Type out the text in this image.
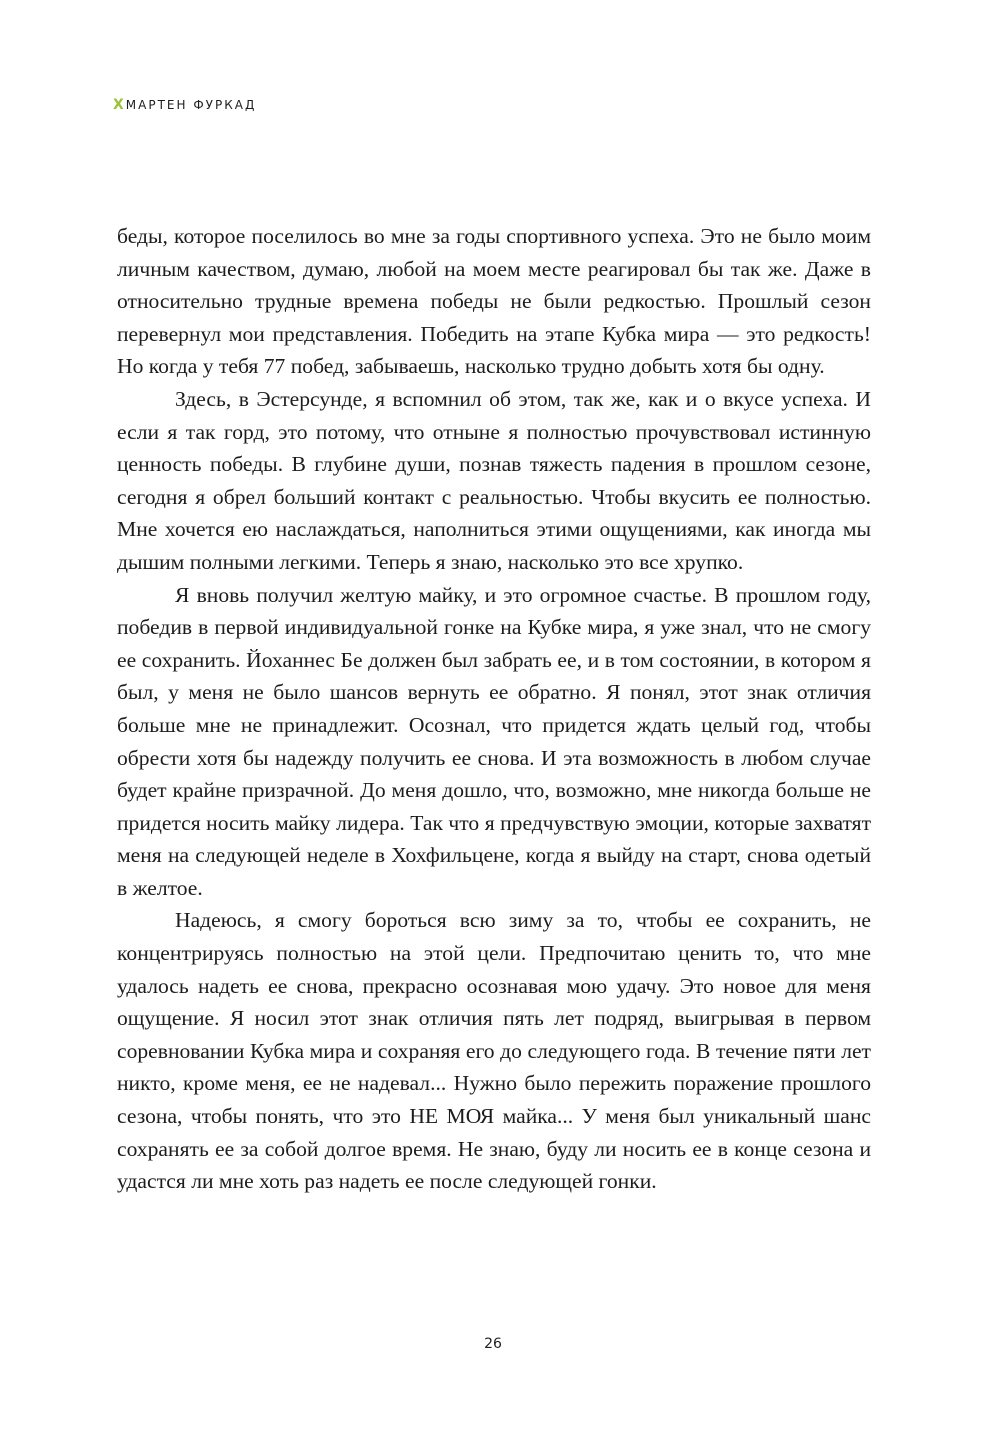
Х МАРТЕН ФУРКАД

беды, которое поселилось во мне за годы спортивного успеха. Это не было моим личным качеством, думаю, любой на моем месте реагировал бы так же. Даже в относительно трудные времена победы не были редкостью. Прошлый сезон перевернул мои представления. Победить на этапе Кубка мира — это редкость! Но когда у тебя 77 побед, забываешь, насколько трудно добыть хотя бы одну.

Здесь, в Эстерсунде, я вспомнил об этом, так же, как и о вкусе успеха. И если я так горд, это потому, что отныне я полностью прочувствовал истинную ценность победы. В глубине души, познав тяжесть падения в прошлом сезоне, сегодня я обрел больший контакт с реальностью. Чтобы вкусить ее полностью. Мне хочется ею наслаждаться, наполниться этими ощущениями, как иногда мы дышим полными легкими. Теперь я знаю, насколько это все хрупко.

Я вновь получил желтую майку, и это огромное счастье. В прошлом году, победив в первой индивидуальной гонке на Кубке мира, я уже знал, что не смогу ее сохранить. Йоханнес Бе должен был забрать ее, и в том состоянии, в котором я был, у меня не было шансов вернуть ее обратно. Я понял, этот знак отличия больше мне не принадлежит. Осознал, что придется ждать целый год, чтобы обрести хотя бы надежду получить ее снова. И эта возможность в любом случае будет крайне призрачной. До меня дошло, что, возможно, мне никогда больше не придется носить майку лидера. Так что я предчувствую эмоции, которые захватят меня на следующей неделе в Хохфильцене, когда я выйду на старт, снова одетый в желтое.

Надеюсь, я смогу бороться всю зиму за то, чтобы ее сохранить, не концентрируясь полностью на этой цели. Предпочитаю ценить то, что мне удалось надеть ее снова, прекрасно осознавая мою удачу. Это новое для меня ощущение. Я носил этот знак отличия пять лет подряд, выигрывая в первом соревновании Кубка мира и сохраняя его до следующего года. В течение пяти лет никто, кроме меня, ее не надевал... Нужно было пережить поражение прошлого сезона, чтобы понять, что это НЕ МОЯ майка... У меня был уникальный шанс сохранять ее за собой долгое время. Не знаю, буду ли носить ее в конце сезона и удастся ли мне хоть раз надеть ее после следующей гонки.

26
